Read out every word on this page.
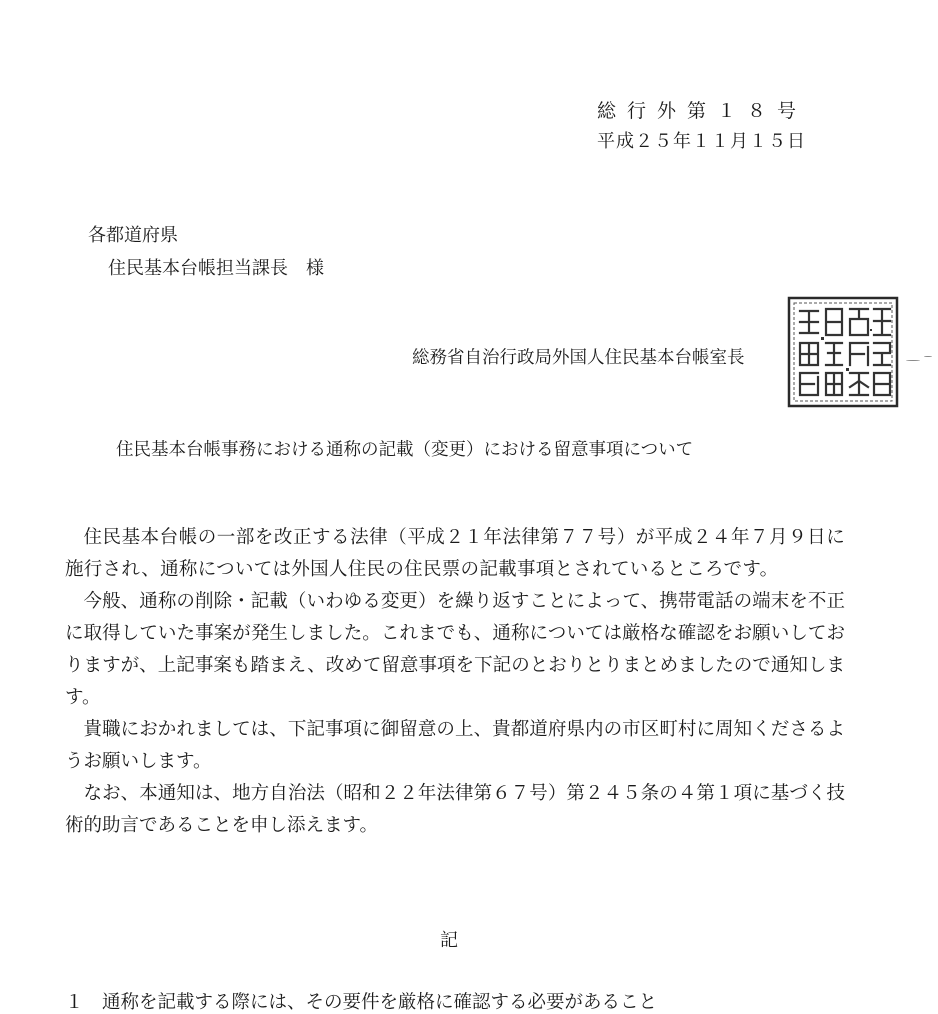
総行外第１８号
平成２５年１１月１５日
各都道府県
住民基本台帳担当課長　様
総務省自治行政局外国人住民基本台帳室長
住民基本台帳事務における通称の記載（変更）における留意事項について

住民基本台帳の一部を改正する法律（平成２１年法律第７７号）が平成２４年７月９日に施行され、通称については外国人住民の住民票の記載事項とされているところです。

今般、通称の削除・記載（いわゆる変更）を繰り返すことによって、携帯電話の端末を不正に取得していた事案が発生しました。これまでも、通称については厳格な確認をお願いしておりますが、上記事案も踏まえ、改めて留意事項を下記のとおりとりまとめましたので通知します。

貴職におかれましては、下記事項に御留意の上、貴都道府県内の市区町村に周知くださるようお願いします。

なお、本通知は、地方自治法（昭和２２年法律第６７号）第２４５条の４第１項に基づく技術的助言であることを申し添えます。

記
１　通称を記載する際には、その要件を厳格に確認する必要があること
